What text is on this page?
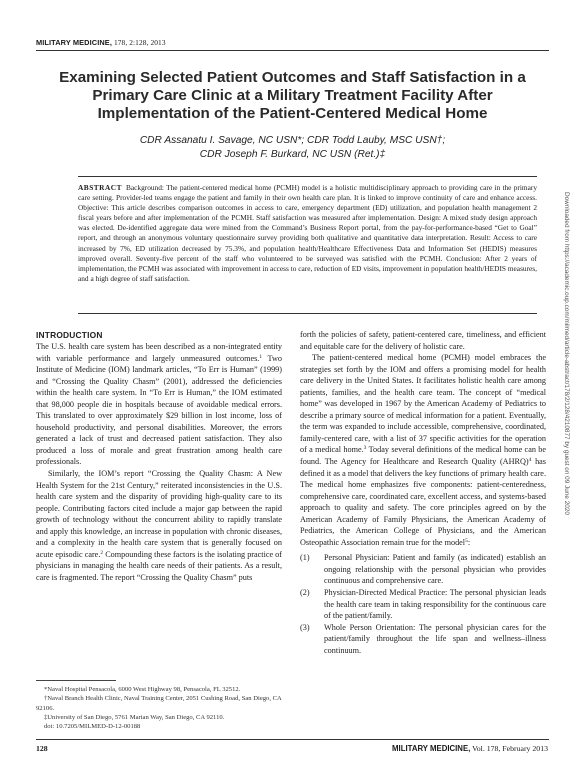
MILITARY MEDICINE, 178, 2:128, 2013
Examining Selected Patient Outcomes and Staff Satisfaction in a Primary Care Clinic at a Military Treatment Facility After Implementation of the Patient-Centered Medical Home
CDR Assanatu I. Savage, NC USN*; CDR Todd Lauby, MSC USN†;
CDR Joseph F. Burkard, NC USN (Ret.)‡
ABSTRACT Background: The patient-centered medical home (PCMH) model is a holistic multidisciplinary approach to providing care in the primary care setting. Provider-led teams engage the patient and family in their own health care plan. It is linked to improve continuity of care and enhance access. Objective: This article describes comparison outcomes in access to care, emergency department (ED) utilization, and population health management 2 fiscal years before and after implementation of the PCMH. Staff satisfaction was measured after implementation. Design: A mixed study design approach was elected. De-identified aggregate data were mined from the Command’s Business Report portal, from the pay-for-performance-based “Get to Goal” report, and through an anonymous voluntary questionnaire survey providing both qualitative and quantitative data interpretation. Result: Access to care increased by 7%, ED utilization decreased by 75.3%, and population health/Healthcare Effectiveness Data and Information Set (HEDIS) measures improved overall. Seventy-five percent of the staff who volunteered to be surveyed was satisfied with the PCMH. Conclusion: After 2 years of implementation, the PCMH was associated with improvement in access to care, reduction of ED visits, improvement in population health/HEDIS measures, and a high degree of staff satisfaction.	Downloaded from https://academic.oup.com/milmed/article-abstract/178/2/128/4210877 by guest on 09 June 2020
INTRODUCTION

The U.S. health care system has been described as a non-integrated entity with variable performance and largely unmeasured outcomes.$^1$ Two Institute of Medicine (IOM) landmark articles, “To Err is Human” (1999) and “Crossing the Quality Chasm” (2001), addressed the deficiencies within the health care system. In “To Err is Human,” the IOM estimated that 98,000 people die in hospitals because of avoidable medical errors. This translated to over approximately $29 billion in lost income, loss of household productivity, and personal disabilities. Moreover, the errors generated a lack of trust and decreased patient satisfaction. They also produced a loss of morale and great frustration among health care professionals.

Similarly, the IOM’s report “Crossing the Quality Chasm: A New Health System for the 21st Century,” reiterated inconsistencies in the U.S. health care system and the disparity of providing high-quality care to its people. Contributing factors cited include a major gap between the rapid growth of technology without the concurrent ability to rapidly translate and apply this knowledge, an increase in population with chronic diseases, and a complexity in the health care system that is generally focused on acute episodic care.$^2$ Compounding these factors is the isolating practice of physicians in managing the health care needs of their patients. As a result, care is fragmented. The report “Crossing the Quality Chasm” puts

forth the policies of safety, patient-centered care, timeliness, and efficient and equitable care for the delivery of holistic care.

The patient-centered medical home (PCMH) model embraces the strategies set forth by the IOM and offers a promising model for health care delivery in the United States. It facilitates holistic health care among patients, families, and the health care team. The concept of “medical home” was developed in 1967 by the American Academy of Pediatrics to describe a primary source of medical information for a patient. Eventually, the term was expanded to include accessible, comprehensive, coordinated, family-centered care, with a list of 37 specific activities for the operation of a medical home.$^3$ Today several definitions of the medical home can be found. The Agency for Healthcare and Research Quality (AHRQ)$^4$ has defined it as a model that delivers the key functions of primary health care. The medical home emphasizes five components: patient-centeredness, comprehensive care, coordinated care, excellent access, and systems-based approach to quality and safety. The core principles agreed on by the American Academy of Family Physicians, the American Academy of Pediatrics, the American College of Physicians, and the American Osteopathic Association remain true for the model$^5$:

(1)	Personal Physician: Patient and family (as indicated) establish an ongoing relationship with the personal physician who provides continuous and comprehensive care.
(2)	Physician-Directed Medical Practice: The personal physician leads the health care team in taking responsibility for the continuous care of the patient/family.
(3)	Whole Person Orientation: The personal physician cares for the patient/family throughout the life span and wellness–illness continuum.

*Naval Hospital Pensacola, 6000 West Highway 98, Pensacola, FL 32512.

†Naval Branch Health Clinic, Naval Training Center, 2051 Cushing Road, San Diego, CA 92106.

‡University of San Diego, 5761 Marian Way, San Diego, CA 92110.

doi: 10.7205/MILMED-D-12-00188

128	MILITARY MEDICINE, Vol. 178, February 2013
